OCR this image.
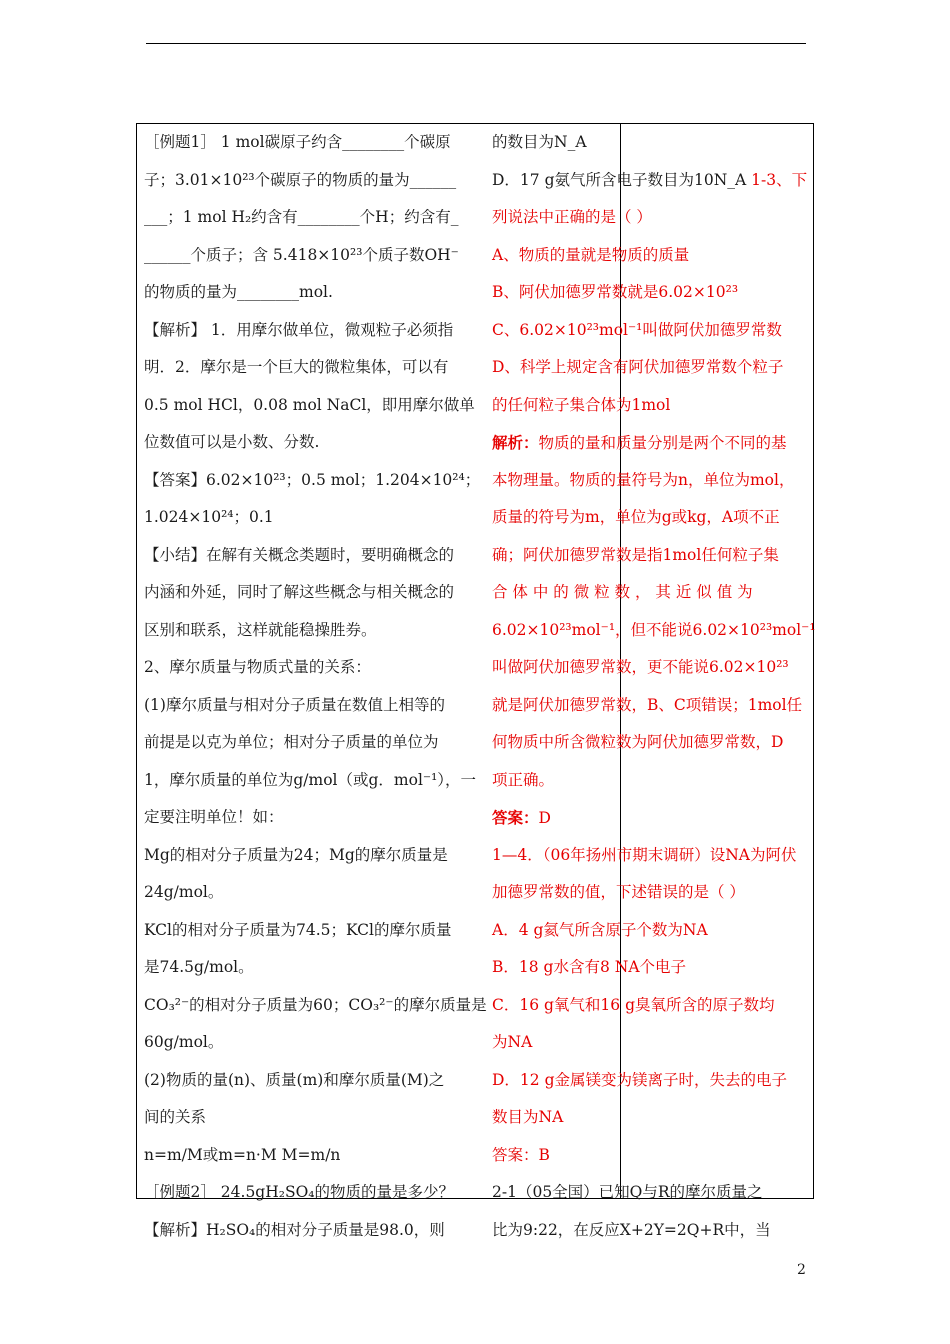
［例题1］ 1 mol碳原子约含________个碳原
子；3.01×10²³个碳原子的物质的量为______
___；1 mol H₂约含有________个H；约含有_
______个质子；含 5.418×10²³个质子数OH⁻
的物质的量为________mol.
【解析】 1．用摩尔做单位，微观粒子必须指
明．2．摩尔是一个巨大的微粒集体，可以有
0.5 mol HCl，0.08 mol NaCl，即用摩尔做单
位数值可以是小数、分数.
【答案】6.02×10²³；0.5 mol；1.204×10²⁴；
1.024×10²⁴；0.1
【小结】在解有关概念类题时，要明确概念的
内涵和外延，同时了解这些概念与相关概念的
区别和联系，这样就能稳操胜券。
2、摩尔质量与物质式量的关系：
(1)摩尔质量与相对分子质量在数值上相等的
前提是以克为单位；相对分子质量的单位为
1，摩尔质量的单位为g/mol（或g．mol⁻¹），一
定要注明单位！如：
Mg的相对分子质量为24；Mg的摩尔质量是
24g/mol。
KCl的相对分子质量为74.5；KCl的摩尔质量
是74.5g/mol。
CO₃²⁻的相对分子质量为60；CO₃²⁻的摩尔质量是
60g/mol。
(2)物质的量(n)、质量(m)和摩尔质量(M)之
间的关系
n=m/M或m=n·M M=m/n
［例题2］ 24.5gH₂SO₄的物质的量是多少？
【解析】H₂SO₄的相对分子质量是98.0，则
的数目为N_A
D．17 g氨气所含电子数目为10N_A 1-3、下
列说法中正确的是（ ）
A、物质的量就是物质的质量
B、阿伏加德罗常数就是6.02×10²³
C、6.02×10²³mol⁻¹叫做阿伏加德罗常数
D、科学上规定含有阿伏加德罗常数个粒子
的任何粒子集合体为1mol
解析：物质的量和质量分别是两个不同的基
本物理量。物质的量符号为n，单位为mol，
质量的符号为m，单位为g或kg，A项不正
确；阿伏加德罗常数是指1mol任何粒子集
合 体 中 的 微 粒 数 ， 其 近 似 值 为
6.02×10²³mol⁻¹，但不能说6.02×10²³mol⁻¹
叫做阿伏加德罗常数，更不能说6.02×10²³
就是阿伏加德罗常数，B、C项错误；1mol任
何物质中所含微粒数为阿伏加德罗常数，D
项正确。
答案：D
1—4．（06年扬州市期末调研）设NA为阿伏
加德罗常数的值，下述错误的是（ ）
A．4 g氦气所含原子个数为NA
B．18 g水含有8 NA个电子
C．16 g氧气和16 g臭氧所含的原子数均
为NA
D．12 g金属镁变为镁离子时，失去的电子
数目为NA
答案：B
2-1（05全国）已知Q与R的摩尔质量之
比为9:22，在反应X+2Y=2Q+R中，当
2
